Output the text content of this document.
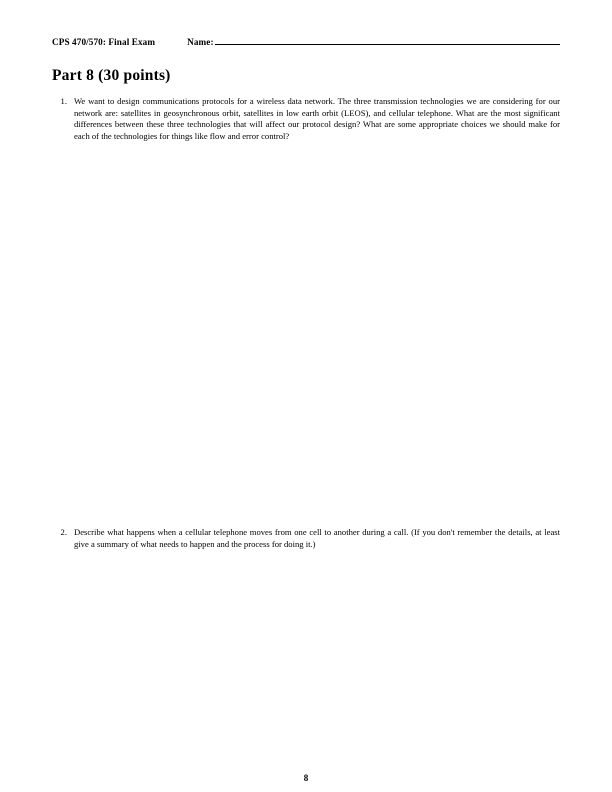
CPS 470/570: Final Exam	Name:
Part 8 (30 points)
1. We want to design communications protocols for a wireless data network. The three transmission technologies we are considering for our network are: satellites in geosynchronous orbit, satellites in low earth orbit (LEOS), and cellular telephone. What are the most significant differences between these three technologies that will affect our protocol design? What are some appropriate choices we should make for each of the technologies for things like flow and error control?
2. Describe what happens when a cellular telephone moves from one cell to another during a call. (If you don't remember the details, at least give a summary of what needs to happen and the process for doing it.)
8
